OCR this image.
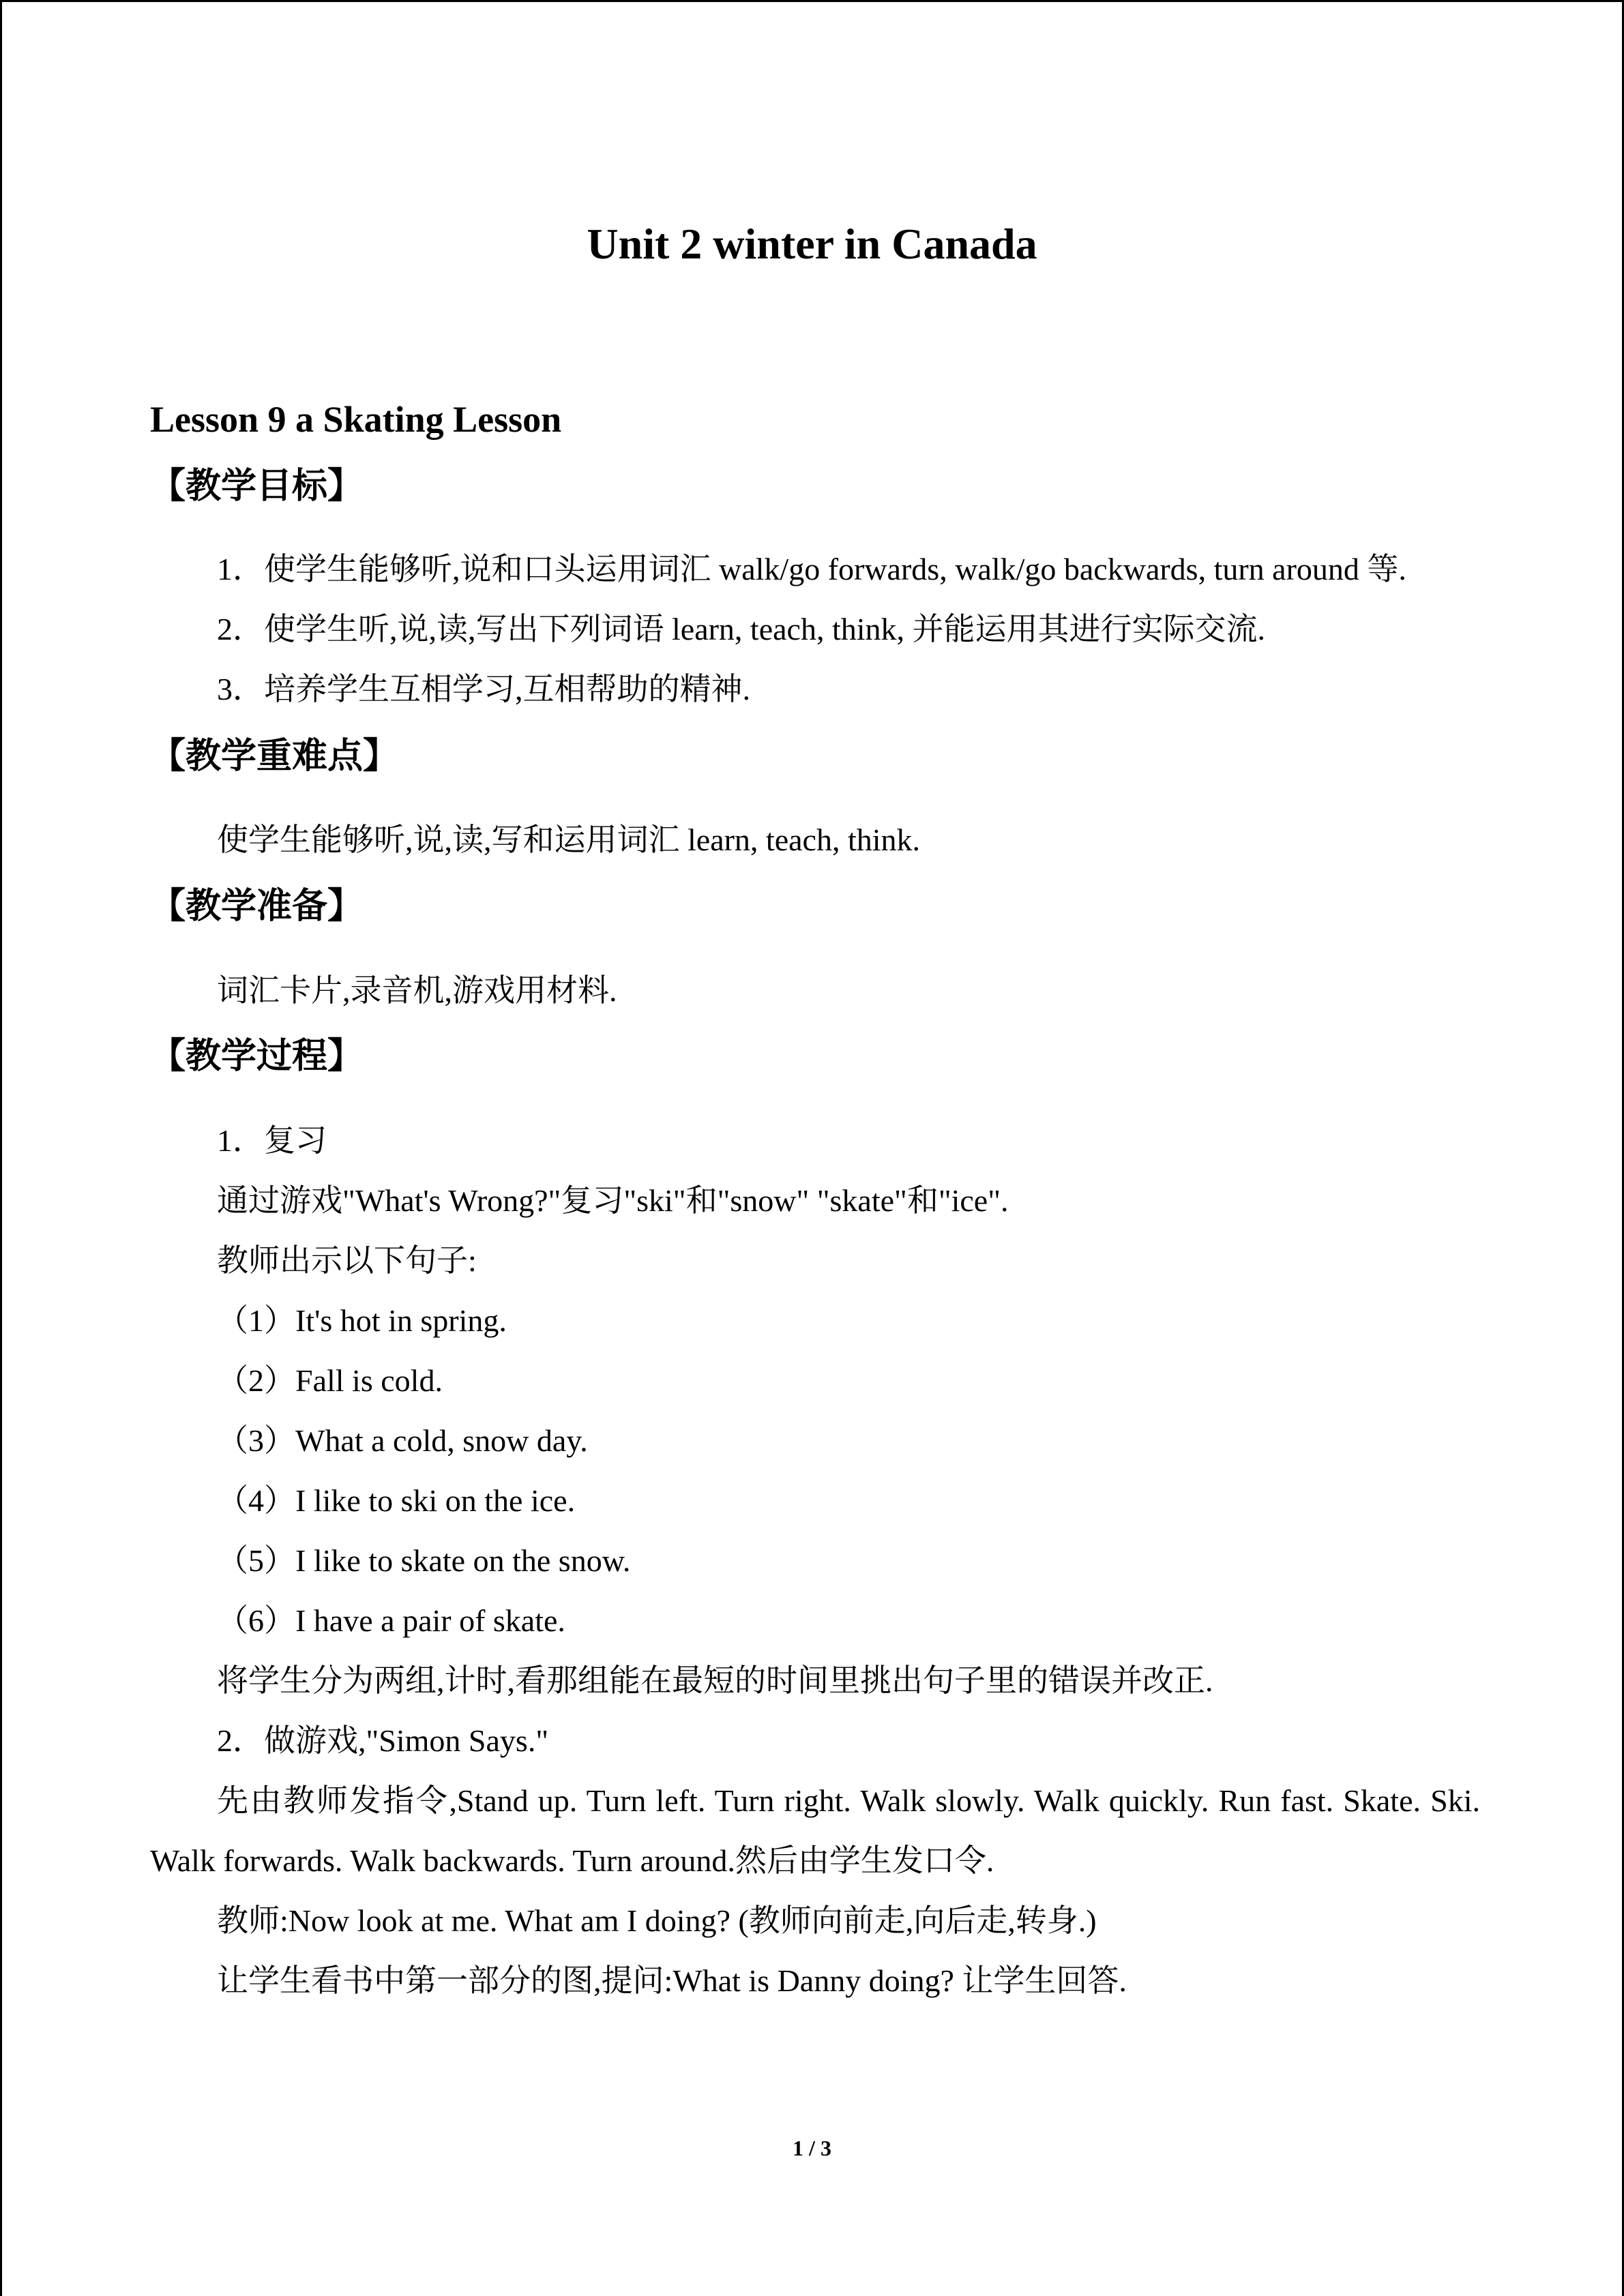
Unit 2 winter in Canada
Lesson 9 a Skating Lesson
【教学目标】
1．使学生能够听,说和口头运用词汇 walk/go forwards, walk/go backwards, turn around 等.
2．使学生听,说,读,写出下列词语 learn, teach, think, 并能运用其进行实际交流.
3．培养学生互相学习,互相帮助的精神.
【教学重难点】
使学生能够听,说,读,写和运用词汇 learn, teach, think.
【教学准备】
词汇卡片,录音机,游戏用材料.
【教学过程】
1．复习
通过游戏"What's Wrong?"复习"ski"和"snow" "skate"和"ice".
教师出示以下句子:
（1）It's hot in spring.
（2）Fall is cold.
（3）What a cold, snow day.
（4）I like to ski on the ice.
（5）I like to skate on the snow.
（6）I have a pair of skate.
将学生分为两组,计时,看那组能在最短的时间里挑出句子里的错误并改正.
2．做游戏,"Simon Says."
先由教师发指令,Stand up. Turn left. Turn right. Walk slowly. Walk quickly. Run fast. Skate. Ski. Walk forwards. Walk backwards. Turn around.然后由学生发口令.
教师:Now look at me. What am I doing? (教师向前走,向后走,转身.)
让学生看书中第一部分的图,提问:What is Danny doing? 让学生回答.
1 / 3
